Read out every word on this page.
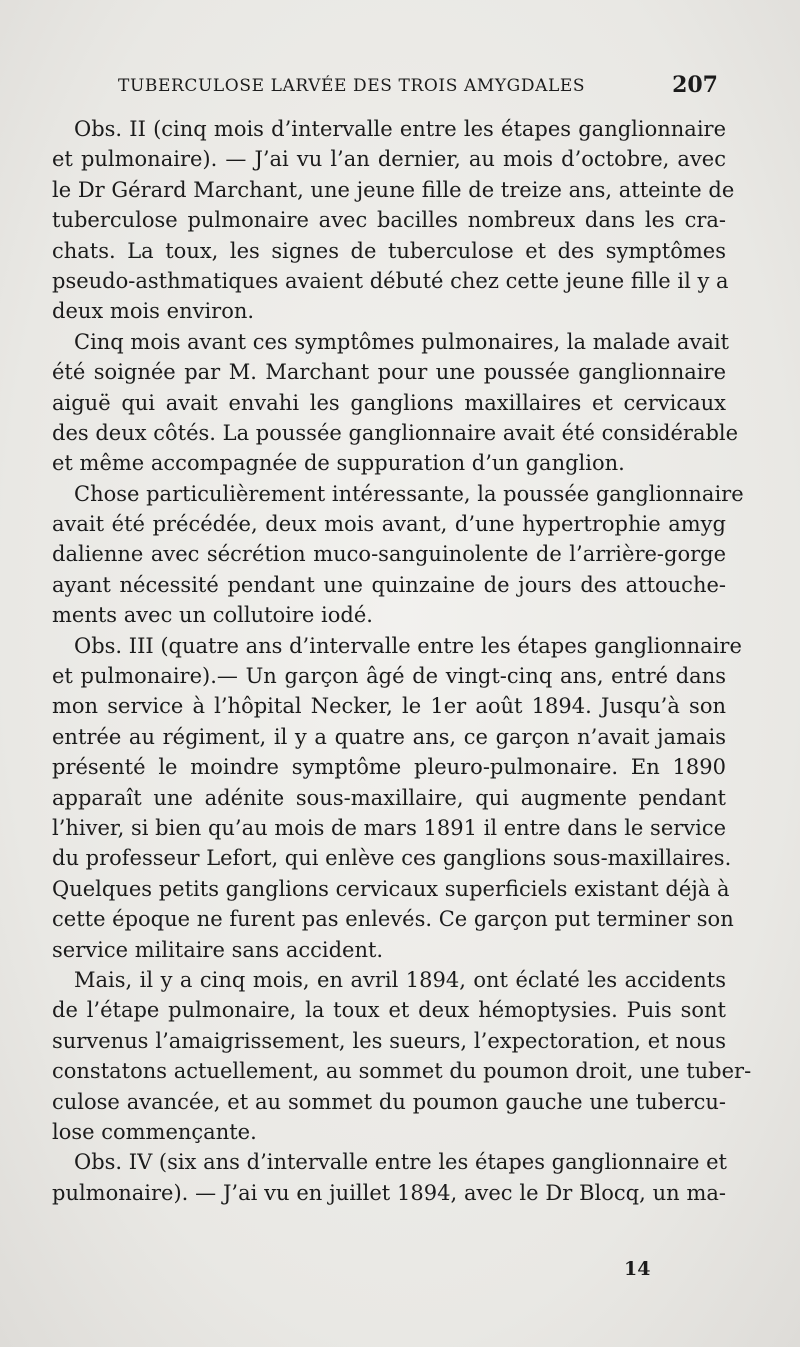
TUBERCULOSE LARVÉE DES TROIS AMYGDALES	207
Obs. II (cinq mois d’intervalle entre les étapes ganglionnaire
et pulmonaire). — J’ai vu l’an dernier, au mois d’octobre, avec
le Dr Gérard Marchant, une jeune fille de treize ans, atteinte de
tuberculose pulmonaire avec bacilles nombreux dans les cra-
chats. La toux, les signes de tuberculose et des symptômes
pseudo-asthmatiques avaient débuté chez cette jeune fille il y a
deux mois environ.
Cinq mois avant ces symptômes pulmonaires, la malade avait
été soignée par M. Marchant pour une poussée ganglionnaire
aiguë qui avait envahi les ganglions maxillaires et cervicaux
des deux côtés. La poussée ganglionnaire avait été considérable
et même accompagnée de suppuration d’un ganglion.
Chose particulièrement intéressante, la poussée ganglionnaire
avait été précédée, deux mois avant, d’une hypertrophie amyg
dalienne avec sécrétion muco-sanguinolente de l’arrière-gorge
ayant nécessité pendant une quinzaine de jours des attouche-
ments avec un collutoire iodé.
Obs. III (quatre ans d’intervalle entre les étapes ganglionnaire
et pulmonaire).— Un garçon âgé de vingt-cinq ans, entré dans
mon service à l’hôpital Necker, le 1er août 1894. Jusqu’à son
entrée au régiment, il y a quatre ans, ce garçon n’avait jamais
présenté le moindre symptôme pleuro-pulmonaire. En 1890
apparaît une adénite sous-maxillaire, qui augmente pendant
l’hiver, si bien qu’au mois de mars 1891 il entre dans le service
du professeur Lefort, qui enlève ces ganglions sous-maxillaires.
Quelques petits ganglions cervicaux superficiels existant déjà à
cette époque ne furent pas enlevés. Ce garçon put terminer son
service militaire sans accident.
Mais, il y a cinq mois, en avril 1894, ont éclaté les accidents
de l’étape pulmonaire, la toux et deux hémoptysies. Puis sont
survenus l’amaigrissement, les sueurs, l’expectoration, et nous
constatons actuellement, au sommet du poumon droit, une tuber-
culose avancée, et au sommet du poumon gauche une tubercu-
lose commençante.
Obs. IV (six ans d’intervalle entre les étapes ganglionnaire et
pulmonaire). — J’ai vu en juillet 1894, avec le Dr Blocq, un ma-
14
